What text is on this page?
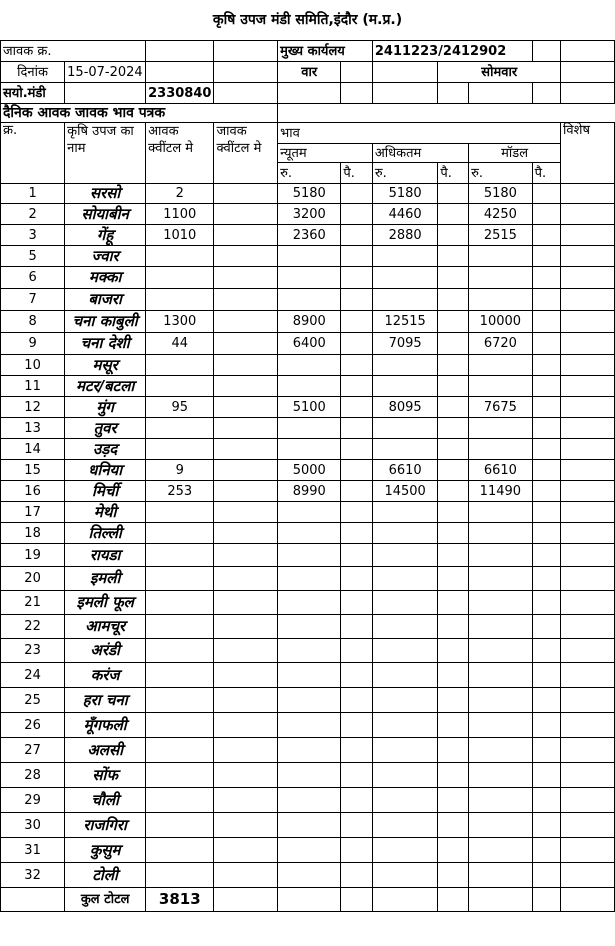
कृषि उपज मंडी समिति,इंदौर (म.प्र.)
जावक क्र.				मुख्य कार्यलय		2411223/2412902				
दिनांक	15-07-2024			वार			सोमवार			
सयो.मंडी		2330840								
दैनिक आवक जावक भाव पत्रक										
क्र.	कृषि उपज का नाम	आवक क्वींटल मे	जावक क्वींटल मे	भाव						विशेष
				न्यूतम		अधिकतम		मॉडल		
				रु.	पै.	रु.	पै.	रु.	पै.	
1	सरसो	2		5180		5180		5180		
2	सोयाबीन	1100		3200		4460		4250		
3	गेंहू	1010		2360		2880		2515		
5	ज्वार									
6	मक्का									
7	बाजरा									
8	चना काबुली	1300		8900		12515		10000		
9	चना देशी	44		6400		7095		6720		
10	मसूर									
11	मटर/बटला									
12	मुंग	95		5100		8095		7675		
13	तुवर									
14	उड़द									
15	धनिया	9		5000		6610		6610		
16	मिर्ची	253		8990		14500		11490		
17	मेथी									
18	तिल्ली									
19	रायडा									
20	इमली									
21	इमली फूल									
22	आमचूर									
23	अरंडी									
24	करंज									
25	हरा चना									
26	मूँगफली									
27	अलसी									
28	सोंफ									
29	चौली									
30	राजगिरा									
31	कुसुम									
32	टोली									
	कुल टोटल	3813								
